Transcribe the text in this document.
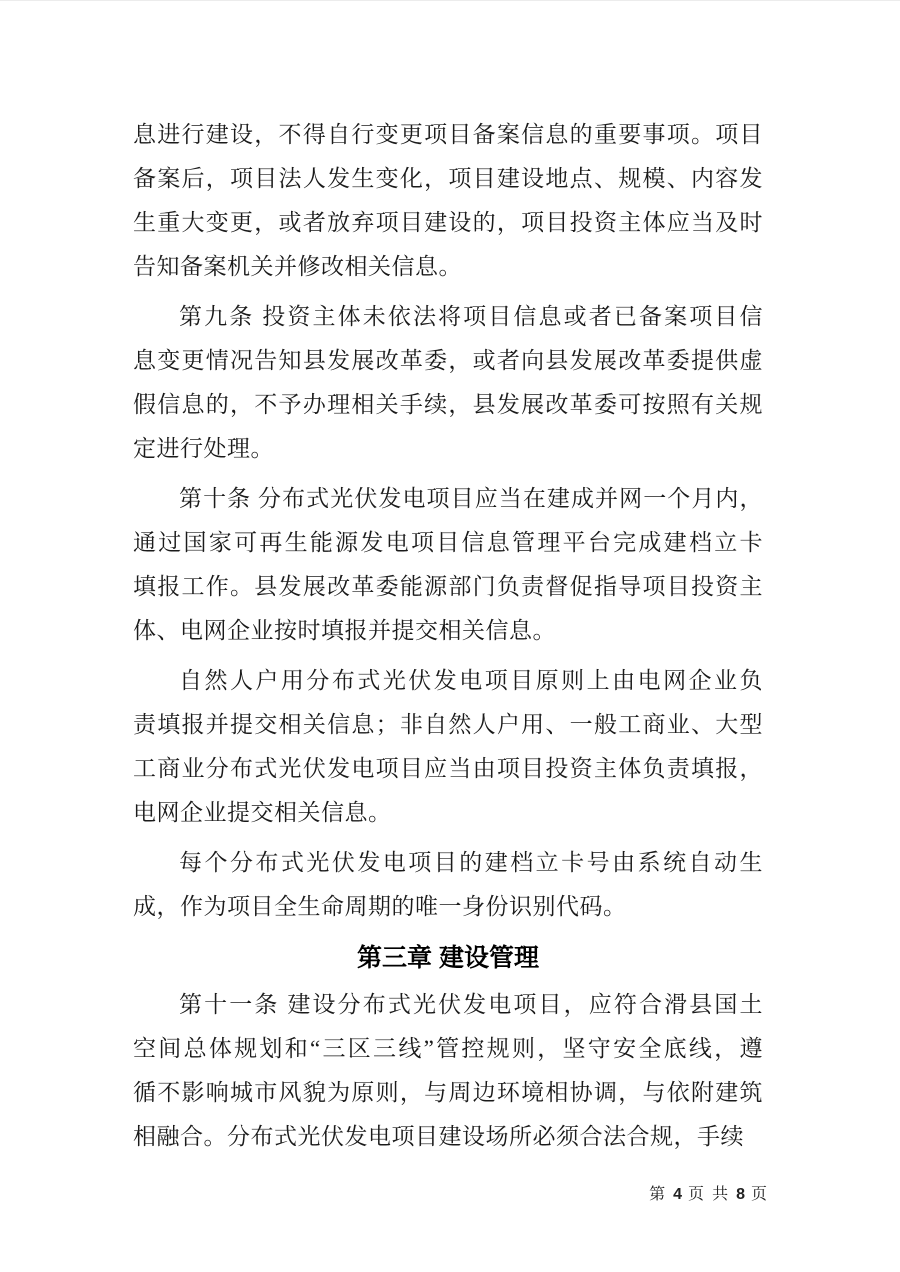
息进行建设，不得自行变更项目备案信息的重要事项。项目
备案后，项目法人发生变化，项目建设地点、规模、内容发
生重大变更，或者放弃项目建设的，项目投资主体应当及时
告知备案机关并修改相关信息。
第九条 投资主体未依法将项目信息或者已备案项目信
息变更情况告知县发展改革委，或者向县发展改革委提供虚
假信息的，不予办理相关手续，县发展改革委可按照有关规
定进行处理。
第十条 分布式光伏发电项目应当在建成并网一个月内，
通过国家可再生能源发电项目信息管理平台完成建档立卡
填报工作。县发展改革委能源部门负责督促指导项目投资主
体、电网企业按时填报并提交相关信息。
自然人户用分布式光伏发电项目原则上由电网企业负
责填报并提交相关信息；非自然人户用、一般工商业、大型
工商业分布式光伏发电项目应当由项目投资主体负责填报，
电网企业提交相关信息。
每个分布式光伏发电项目的建档立卡号由系统自动生
成，作为项目全生命周期的唯一身份识别代码。
第三章 建设管理
第十一条 建设分布式光伏发电项目，应符合滑县国土
空间总体规划和“三区三线”管控规则，坚守安全底线，遵
循不影响城市风貌为原则，与周边环境相协调，与依附建筑
相融合。分布式光伏发电项目建设场所必须合法合规，手续
第 4 页 共 8 页
